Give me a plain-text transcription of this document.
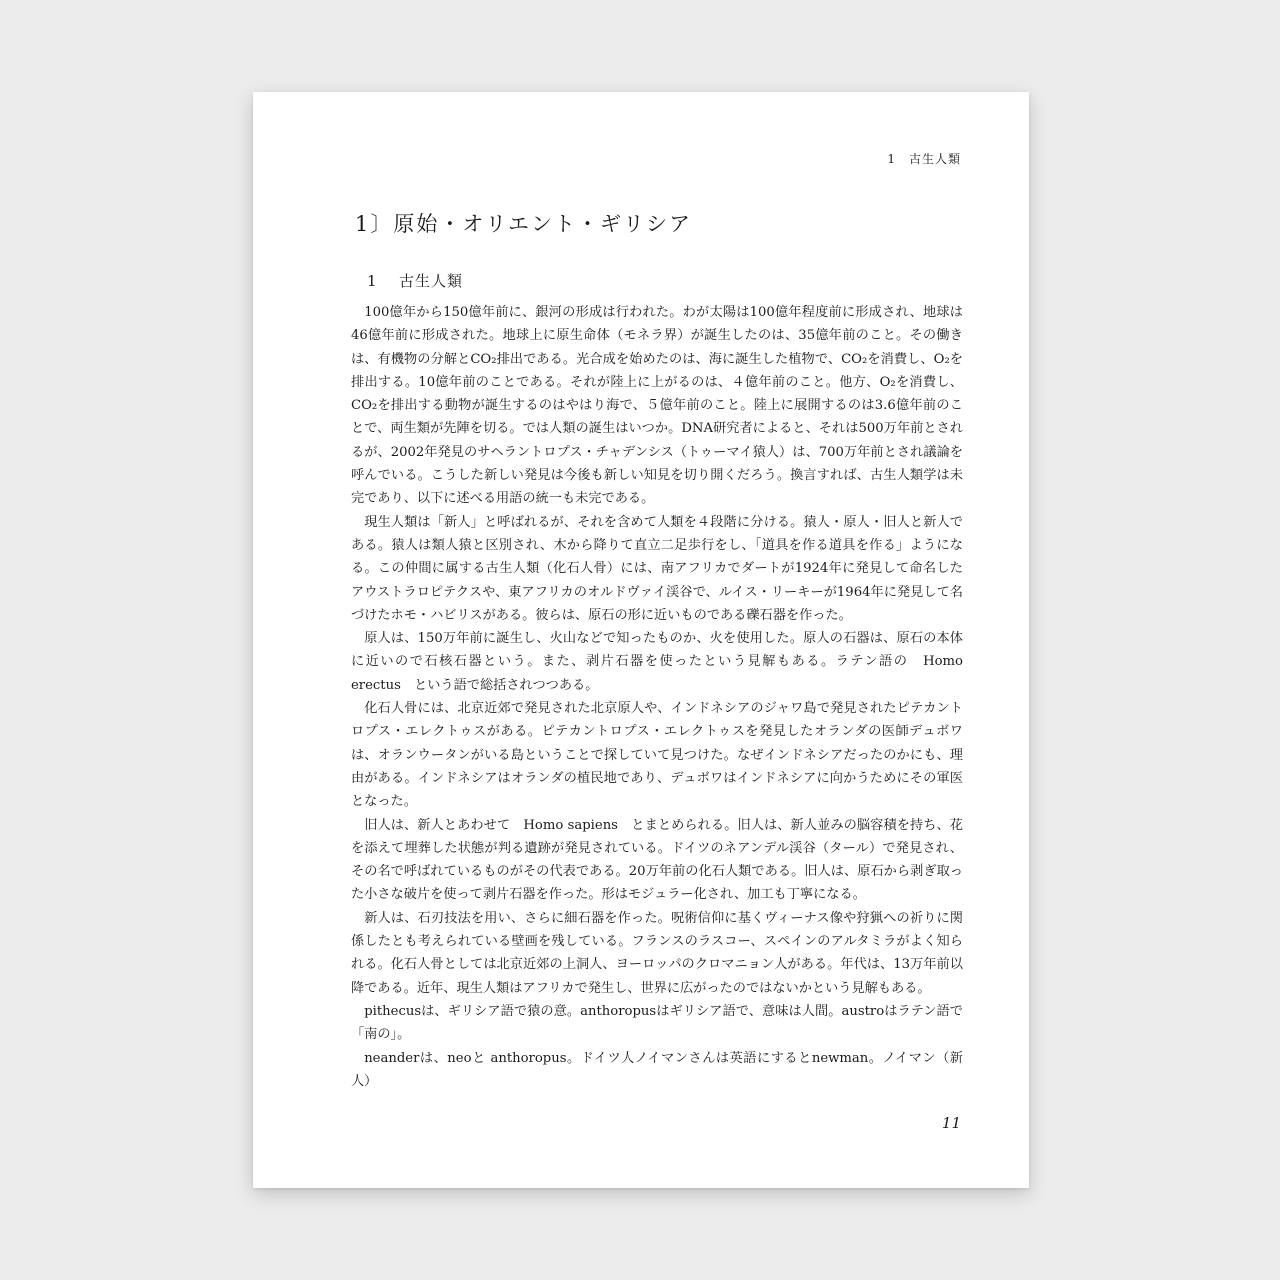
1　古生人類
1〕原始・オリエント・ギリシア
1 古生人類

100億年から150億年前に、銀河の形成は行われた。わが太陽は100億年程度前に形成され、地球は46億年前に形成された。地球上に原生命体（モネラ界）が誕生したのは、35億年前のこと。その働きは、有機物の分解とCO₂排出である。光合成を始めたのは、海に誕生した植物で、CO₂を消費し、O₂を排出する。10億年前のことである。それが陸上に上がるのは、４億年前のこと。他方、O₂を消費し、CO₂を排出する動物が誕生するのはやはり海で、５億年前のこと。陸上に展開するのは3.6億年前のことで、両生類が先陣を切る。では人類の誕生はいつか。DNA研究者によると、それは500万年前とされるが、2002年発見のサヘラントロプス・チャデンシス（トゥーマイ猿人）は、700万年前とされ議論を呼んでいる。こうした新しい発見は今後も新しい知見を切り開くだろう。換言すれば、古生人類学は未完であり、以下に述べる用語の統一も未完である。

現生人類は「新人」と呼ばれるが、それを含めて人類を４段階に分ける。猿人・原人・旧人と新人である。猿人は類人猿と区別され、木から降りて直立二足歩行をし、「道具を作る道具を作る」ようになる。この仲間に属する古生人類（化石人骨）には、南アフリカでダートが1924年に発見して命名したアウストラロピテクスや、東アフリカのオルドヴァイ渓谷で、ルイス・リーキーが1964年に発見して名づけたホモ・ハビリスがある。彼らは、原石の形に近いものである礫石器を作った。

原人は、150万年前に誕生し、火山などで知ったものか、火を使用した。原人の石器は、原石の本体に近いので石核石器という。また、剥片石器を使ったという見解もある。ラテン語の　Homo　erectus　という語で総括されつつある。

化石人骨には、北京近郊で発見された北京原人や、インドネシアのジャワ島で発見されたピテカントロプス・エレクトゥスがある。ピテカントロプス・エレクトゥスを発見したオランダの医師デュボワは、オランウータンがいる島ということで探していて見つけた。なぜインドネシアだったのかにも、理由がある。インドネシアはオランダの植民地であり、デュボワはインドネシアに向かうためにその軍医となった。

旧人は、新人とあわせて　Homo sapiens　とまとめられる。旧人は、新人並みの脳容積を持ち、花を添えて埋葬した状態が判る遺跡が発見されている。ドイツのネアンデル渓谷（タール）で発見され、その名で呼ばれているものがその代表である。20万年前の化石人類である。旧人は、原石から剥ぎ取った小さな破片を使って剥片石器を作った。形はモジュラー化され、加工も丁寧になる。

新人は、石刃技法を用い、さらに細石器を作った。呪術信仰に基くヴィーナス像や狩猟への祈りに関係したとも考えられている壁画を残している。フランスのラスコー、スペインのアルタミラがよく知られる。化石人骨としては北京近郊の上洞人、ヨーロッパのクロマニョン人がある。年代は、13万年前以降である。近年、現生人類はアフリカで発生し、世界に広がったのではないかという見解もある。

pithecusは、ギリシア語で猿の意。anthoropusはギリシア語で、意味は人間。austroはラテン語で「南の」。

neanderは、neoと anthoropus。ドイツ人ノイマンさんは英語にするとnewman。ノイマン（新人）

11
